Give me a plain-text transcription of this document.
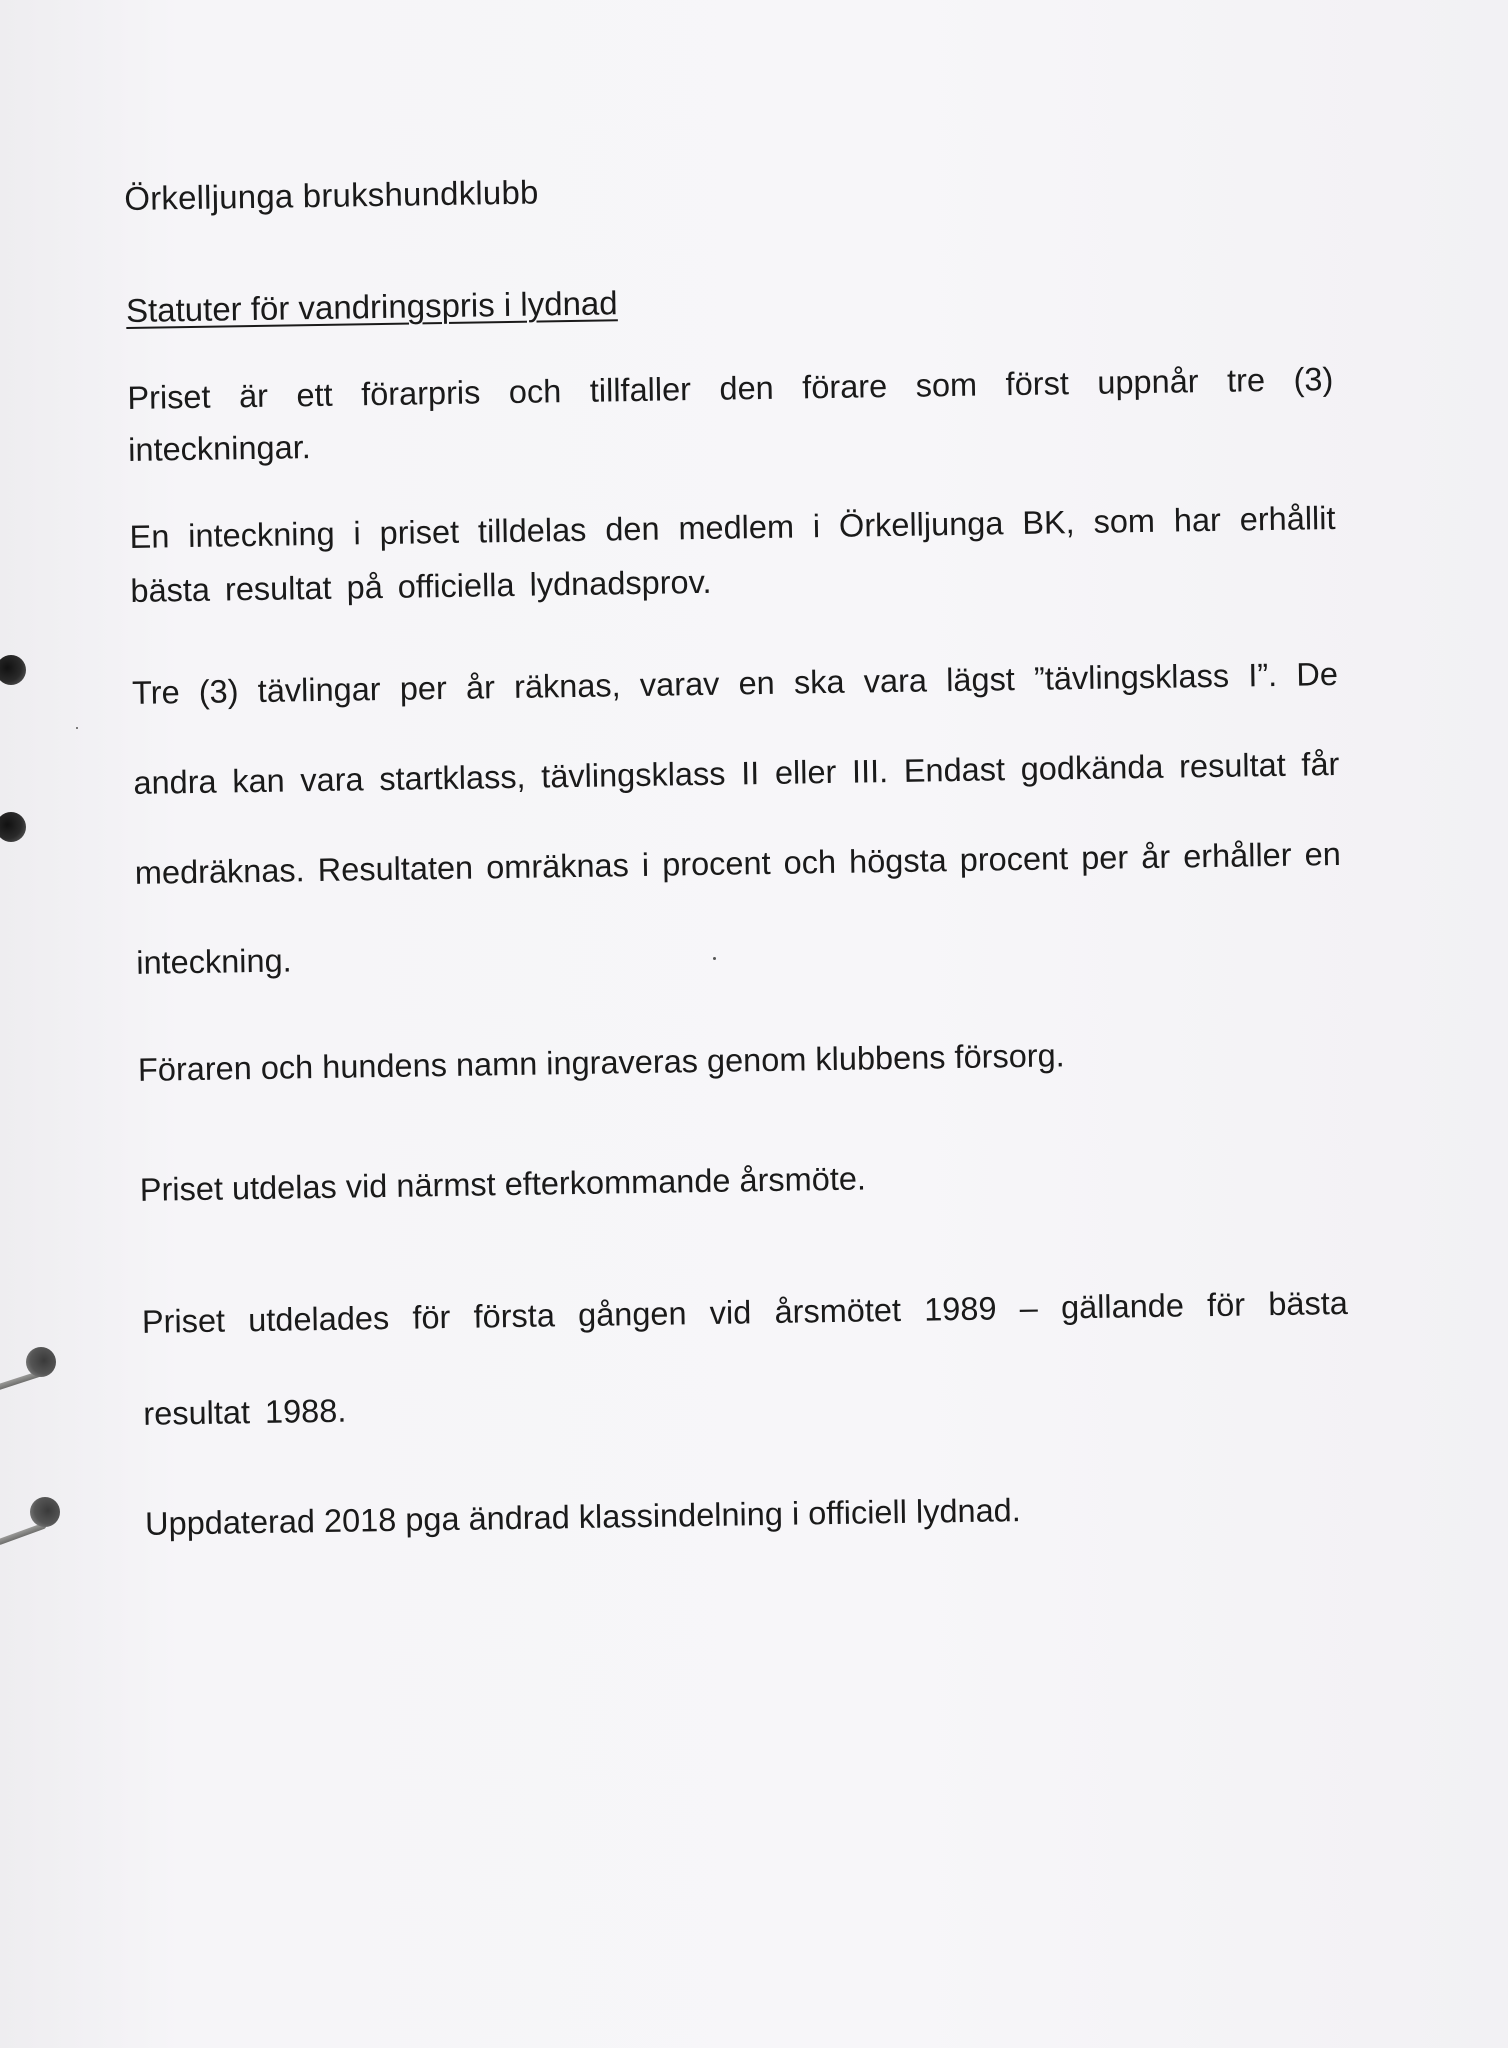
Örkelljunga brukshundklubb
Statuter för vandringspris i lydnad

Priset är ett förarpris och tillfaller den förare som först uppnår tre (3) inteckningar.

En inteckning i priset tilldelas den medlem i Örkelljunga BK, som har erhållit bästa resultat på officiella lydnadsprov.

Tre (3) tävlingar per år räknas, varav en ska vara lägst ”tävlingsklass I”. De andra kan vara startklass, tävlingsklass II eller III. Endast godkända resultat får medräknas. Resultaten omräknas i procent och högsta procent per år erhåller en inteckning.

Föraren och hundens namn ingraveras genom klubbens försorg.

Priset utdelas vid närmst efterkommande årsmöte.

Priset utdelades för första gången vid årsmötet 1989 – gällande för bästa resultat 1988.

Uppdaterad 2018 pga ändrad klassindelning i officiell lydnad.
